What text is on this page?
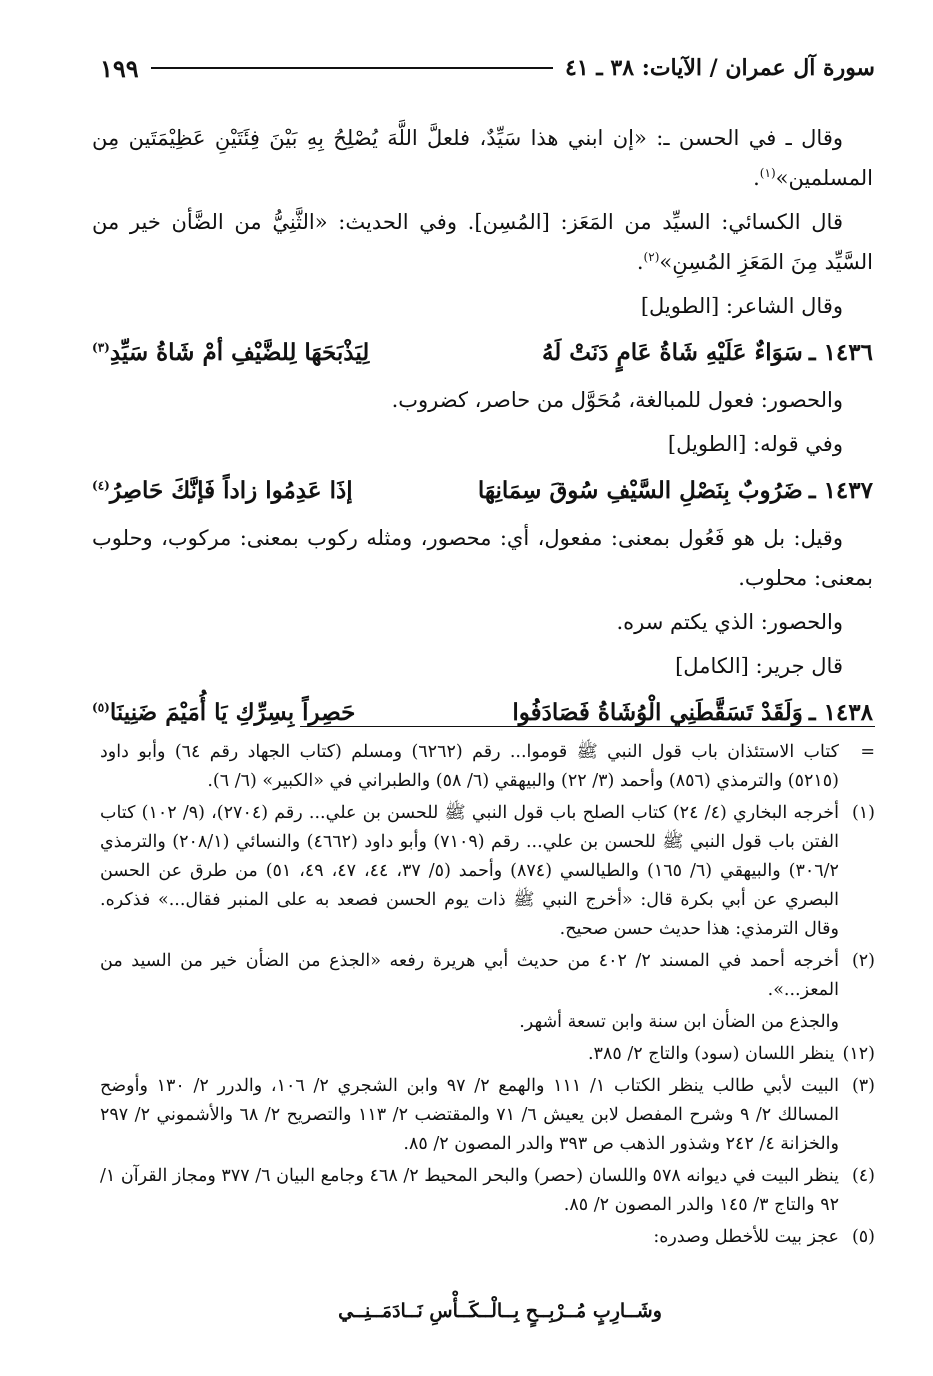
سورة آل عمران / الآيات: ٣٨ ـ ٤١
١٩٩

وقال ـ في الحسن ـ: «إن ابني هذا سَيِّدٌ، فلعلَّ اللَّهَ يُصْلِحُ بِهِ بَيْنَ فِئَتَيْنِ عَظِيْمَتَين مِن المسلمين»$^{(١)}$.

قال الكسائي: السيِّد من المَعَز: [المُسِن]. وفي الحديث: «الثَّنِيُّ من الضَّأن خير من السَّيِّد مِنَ المَعَزِ المُسِنِ»$^{(٢)}$.

وقال الشاعر: [الطويل]

١٤٣٦ ـ
سَوَاءٌ عَلَيْهِ شَاةُ عَامٍ دَنَتْ لَهُ
لِيَذْبَحَهَا لِلضَّيْفِ أمْ شَاةُ سَيِّدِ$^{(٣)}$

والحصور: فعول للمبالغة، مُحَوَّل من حاصر، كضروب.

وفي قوله: [الطويل]

١٤٣٧ ـ
ضَرُوبٌ بِنَصْلِ السَّيْفِ سُوقَ سِمَانِهَا
إذَا عَدِمُوا زاداً فَإنَّكَ حَاصِرُ$^{(٤)}$

وقيل: بل هو فَعُول بمعنى: مفعول، أي: محصور، ومثله ركوب بمعنى: مركوب، وحلوب بمعنى: محلوب.

والحصور: الذي يكتم سره.

قال جرير: [الكامل]

١٤٣٨ ـ
وَلَقَدْ تَسَقَّطَنِي الْوُشَاةُ فَصَادَفُوا
حَصِراً بِسِرِّكِ يَا أُمَيْمَ ضَنِينَا$^{(٥)}$
=
كتاب الاستئذان باب قول النبي ﷺ قوموا... رقم (٦٢٦٢) ومسلم (كتاب الجهاد رقم ٦٤) وأبو داود (٥٢١٥) والترمذي (٨٥٦) وأحمد (٣/ ٢٢) والبيهقي (٦/ ٥٨) والطبراني في «الكبير» (٦/ ٦).
(١)
أخرجه البخاري (٤/ ٢٤) كتاب الصلح باب قول النبي ﷺ للحسن بن علي... رقم (٢٧٠٤)، (٩/ ١٠٢) كتاب الفتن باب قول النبي ﷺ للحسن بن علي... رقم (٧١٠٩) وأبو داود (٤٦٦٢) والنسائي (٢٠٨/١) والترمذي ٣٠٦/٢) والبيهقي (٦/ ١٦٥) والطيالسي (٨٧٤) وأحمد (٥/ ٣٧، ٤٤، ٤٧، ٤٩، ٥١) من طرق عن الحسن البصري عن أبي بكرة قال: «أخرج النبي ﷺ ذات يوم الحسن فصعد به على المنبر فقال...» فذكره. وقال الترمذي: هذا حديث حسن صحيح.
(٢)
أخرجه أحمد في المسند ٢/ ٤٠٢ من حديث أبي هريرة رفعه «الجذع من الضأن خير من السيد من المعز...».
والجذع من الضأن ابن سنة وابن تسعة أشهر.
(١٢)
ينظر اللسان (سود) والتاج ٢/ ٣٨٥.
(٣)
البيت لأبي طالب ينظر الكتاب ١/ ١١١ والهمع ٢/ ٩٧ وابن الشجري ٢/ ١٠٦، والدرر ٢/ ١٣٠ وأوضح المسالك ٢/ ٩ وشرح المفصل لابن يعيش ٦/ ٧١ والمقتضب ٢/ ١١٣ والتصريح ٢/ ٦٨ والأشموني ٢/ ٢٩٧ والخزانة ٤/ ٢٤٢ وشذور الذهب ص ٣٩٣ والدر المصون ٢/ ٨٥.
(٤)
ينظر البيت في ديوانه ٥٧٨ واللسان (حصر) والبحر المحيط ٢/ ٤٦٨ وجامع البيان ٦/ ٣٧٧ ومجاز القرآن ١/ ٩٢ والتاج ٣/ ١٤٥ والدر المصون ٢/ ٨٥.
(٥)
عجز بيت للأخطل وصدره:
وشَــارِبٍ مُــرْبِــحٍ بِــالْــكَــأْسِ نَــادَمَــنِــي
